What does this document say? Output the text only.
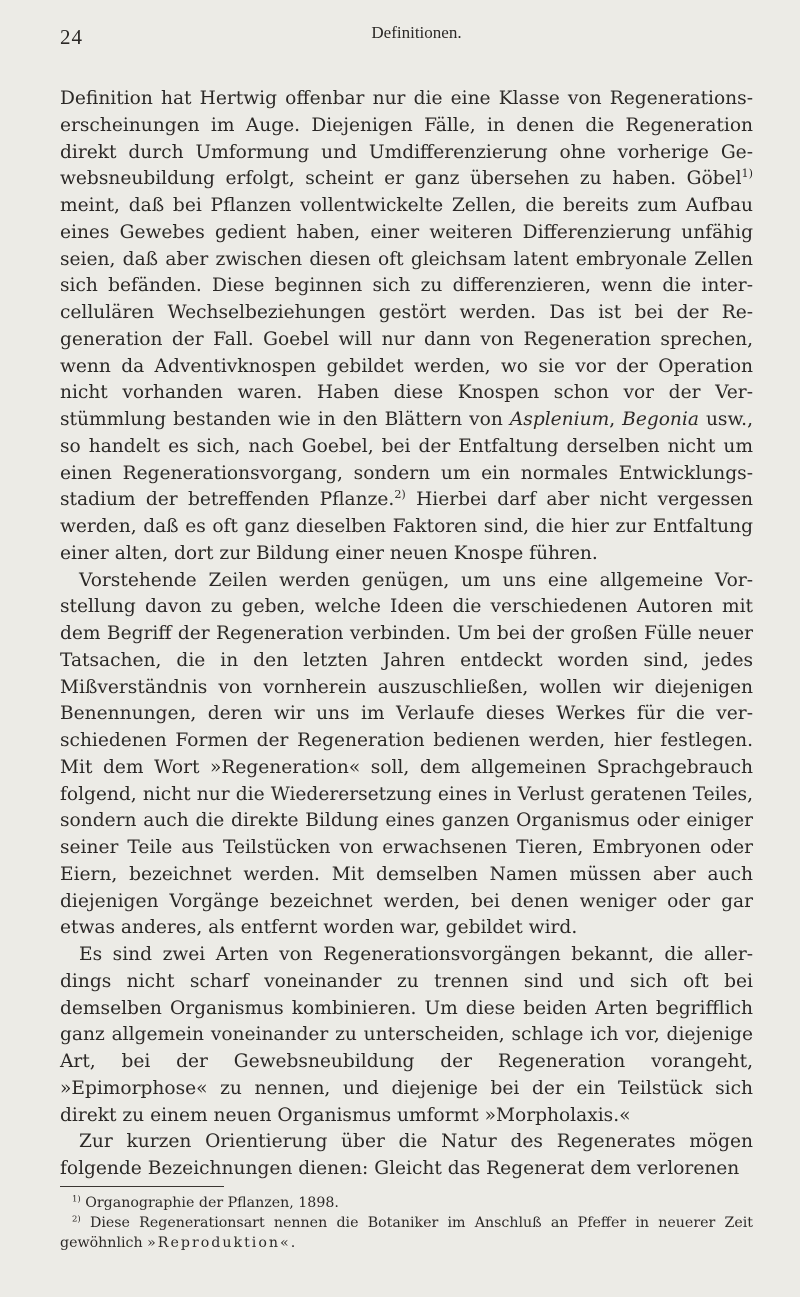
24	Definitionen.

Definition hat Hertwig offenbar nur die eine Klasse von Regenerationserscheinungen im Auge. Diejenigen Fälle, in denen die Regeneration direkt durch Umformung und Umdifferenzierung ohne vorherige Gewebsneubildung erfolgt, scheint er ganz übersehen zu haben. Göbel$^{1)}$ meint, daß bei Pflanzen vollentwickelte Zellen, die bereits zum Aufbau eines Gewebes gedient haben, einer weiteren Differenzierung unfähig seien, daß aber zwischen diesen oft gleichsam latent embryonale Zellen sich befänden. Diese beginnen sich zu differenzieren, wenn die intercellulären Wechselbeziehungen gestört werden. Das ist bei der Regeneration der Fall. Goebel will nur dann von Regeneration sprechen, wenn da Adventivknospen gebildet werden, wo sie vor der Operation nicht vorhanden waren. Haben diese Knospen schon vor der Verstümmlung bestanden wie in den Blättern von Asplenium, Begonia usw., so handelt es sich, nach Goebel, bei der Entfaltung derselben nicht um einen Regenerationsvorgang, sondern um ein normales Entwicklungsstadium der betreffenden Pflanze.$^{2)}$ Hierbei darf aber nicht vergessen werden, daß es oft ganz dieselben Faktoren sind, die hier zur Entfaltung einer alten, dort zur Bildung einer neuen Knospe führen.

Vorstehende Zeilen werden genügen, um uns eine allgemeine Vorstellung davon zu geben, welche Ideen die verschiedenen Autoren mit dem Begriff der Regeneration verbinden. Um bei der großen Fülle neuer Tatsachen, die in den letzten Jahren entdeckt worden sind, jedes Mißverständnis von vornherein auszuschließen, wollen wir diejenigen Benennungen, deren wir uns im Verlaufe dieses Werkes für die verschiedenen Formen der Regeneration bedienen werden, hier festlegen. Mit dem Wort »Regeneration« soll, dem allgemeinen Sprachgebrauch folgend, nicht nur die Wiederersetzung eines in Verlust geratenen Teiles, sondern auch die direkte Bildung eines ganzen Organismus oder einiger seiner Teile aus Teilstücken von erwachsenen Tieren, Embryonen oder Eiern, bezeichnet werden. Mit demselben Namen müssen aber auch diejenigen Vorgänge bezeichnet werden, bei denen weniger oder gar etwas anderes, als entfernt worden war, gebildet wird.

Es sind zwei Arten von Regenerationsvorgängen bekannt, die allerdings nicht scharf voneinander zu trennen sind und sich oft bei demselben Organismus kombinieren. Um diese beiden Arten begrifflich ganz allgemein voneinander zu unterscheiden, schlage ich vor, diejenige Art, bei der Gewebsneubildung der Regeneration vorangeht, »Epimorphose« zu nennen, und diejenige bei der ein Teilstück sich direkt zu einem neuen Organismus umformt »Morpholaxis.«

Zur kurzen Orientierung über die Natur des Regenerates mögen folgende Bezeichnungen dienen: Gleicht das Regenerat dem verlorenen

$^{1)}$ Organographie der Pflanzen, 1898.

$^{2)}$ Diese Regenerationsart nennen die Botaniker im Anschluß an Pfeffer in neuerer Zeit gewöhnlich »Reproduktion«.
